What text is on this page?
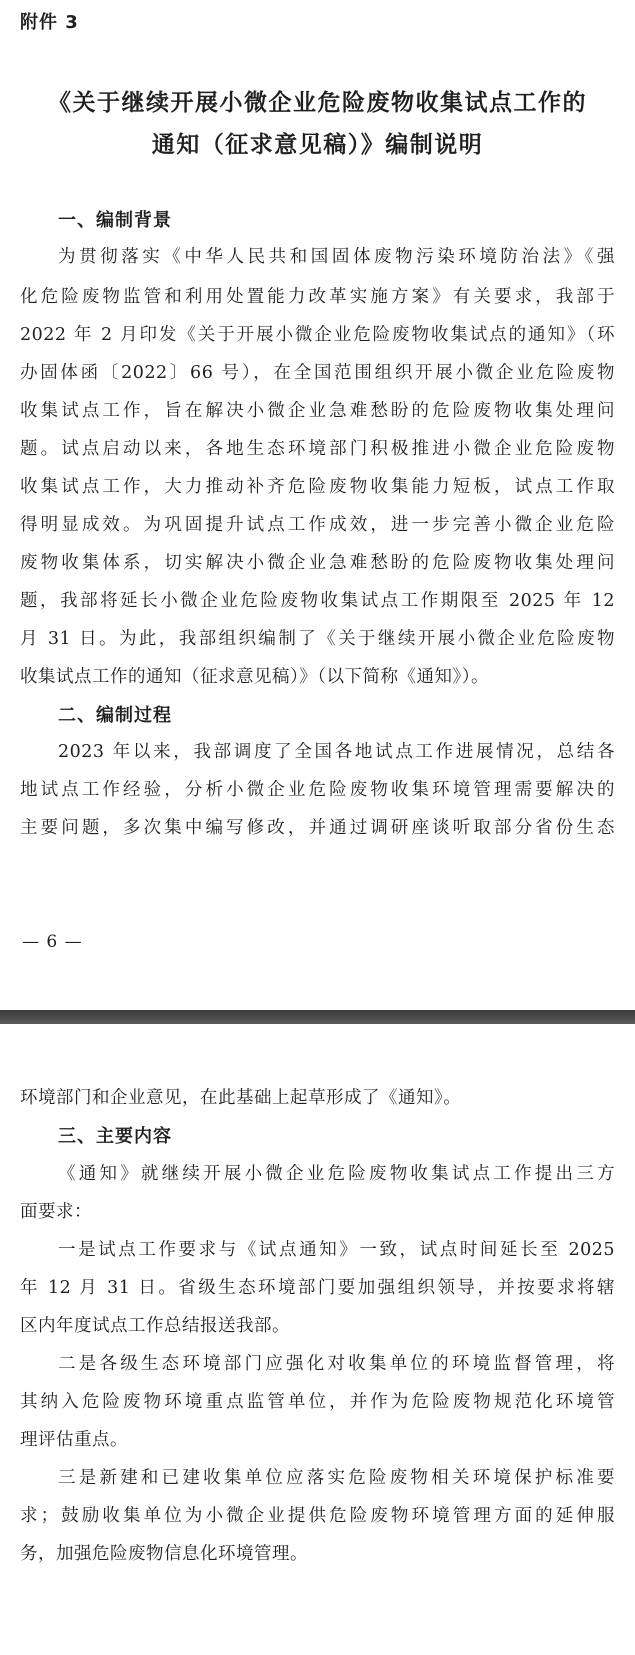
附件 3
《关于继续开展小微企业危险废物收集试点工作的
通知（征求意见稿）》编制说明
一、编制背景
为贯彻落实《中华人民共和国固体废物污染环境防治法》《强
化危险废物监管和利用处置能力改革实施方案》有关要求，我部于
2022 年 2 月印发《关于开展小微企业危险废物收集试点的通知》（环
办固体函〔2022〕66 号），在全国范围组织开展小微企业危险废物
收集试点工作，旨在解决小微企业急难愁盼的危险废物收集处理问
题。试点启动以来，各地生态环境部门积极推进小微企业危险废物
收集试点工作，大力推动补齐危险废物收集能力短板，试点工作取
得明显成效。为巩固提升试点工作成效，进一步完善小微企业危险
废物收集体系，切实解决小微企业急难愁盼的危险废物收集处理问
题，我部将延长小微企业危险废物收集试点工作期限至 2025 年 12
月 31 日。为此，我部组织编制了《关于继续开展小微企业危险废物
收集试点工作的通知（征求意见稿）》（以下简称《通知》）。
二、编制过程
2023 年以来，我部调度了全国各地试点工作进展情况，总结各
地试点工作经验，分析小微企业危险废物收集环境管理需要解决的
主要问题，多次集中编写修改，并通过调研座谈听取部分省份生态
— 6 —
环境部门和企业意见，在此基础上起草形成了《通知》。
三、主要内容
《通知》就继续开展小微企业危险废物收集试点工作提出三方
面要求：
一是试点工作要求与《试点通知》一致，试点时间延长至 2025
年 12 月 31 日。省级生态环境部门要加强组织领导，并按要求将辖
区内年度试点工作总结报送我部。
二是各级生态环境部门应强化对收集单位的环境监督管理，将
其纳入危险废物环境重点监管单位，并作为危险废物规范化环境管
理评估重点。
三是新建和已建收集单位应落实危险废物相关环境保护标准要
求；鼓励收集单位为小微企业提供危险废物环境管理方面的延伸服
务，加强危险废物信息化环境管理。
